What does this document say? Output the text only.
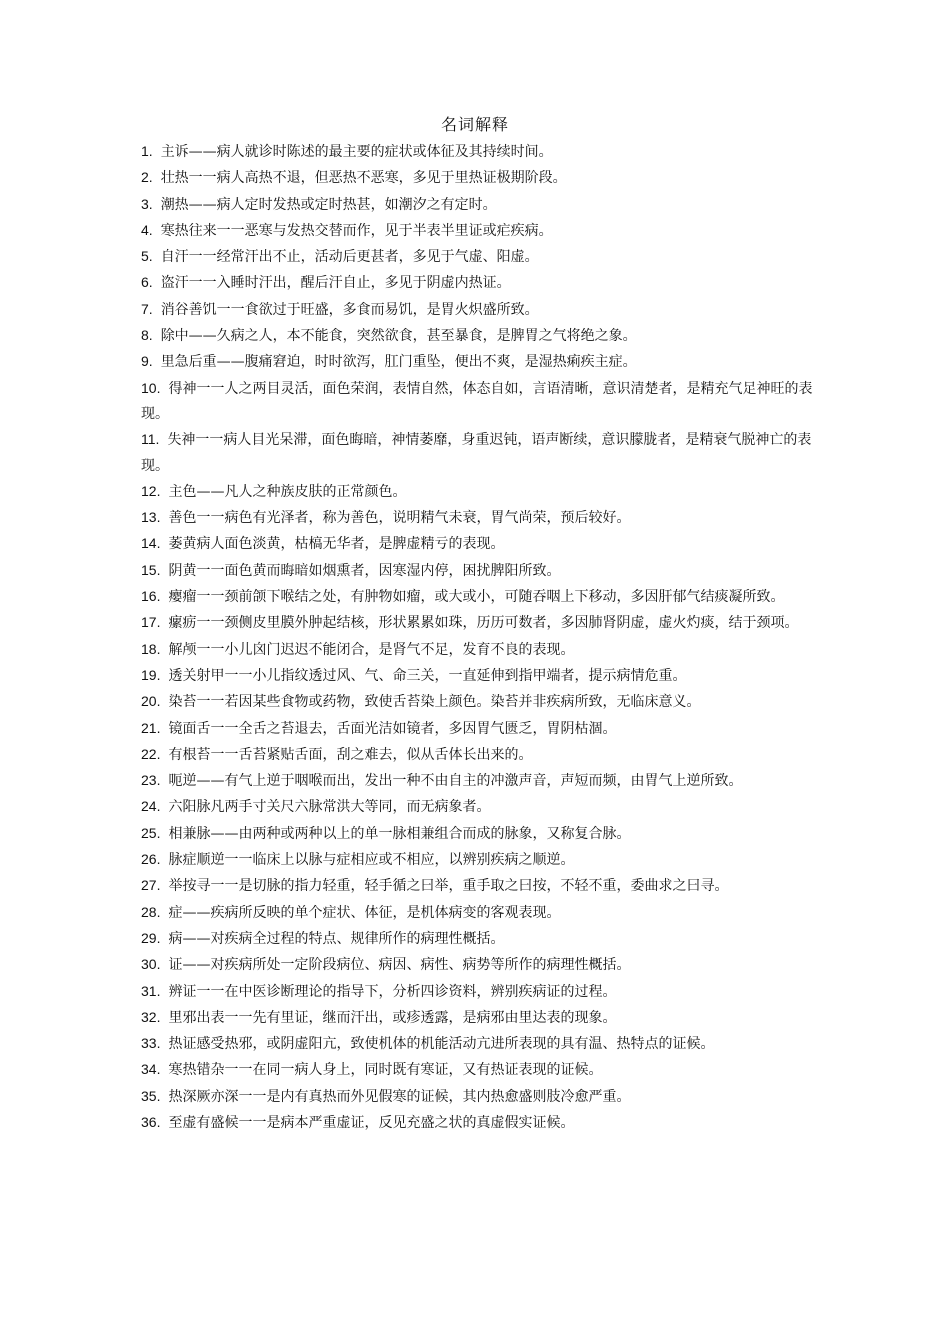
名词解释
1. 主诉——病人就诊时陈述的最主要的症状或体征及其持续时间。
2. 壮热一一病人高热不退，但恶热不恶寒，多见于里热证极期阶段。
3. 潮热——病人定时发热或定时热甚，如潮汐之有定时。
4. 寒热往来一一恶寒与发热交替而作，见于半表半里证或疟疾病。
5. 自汗一一经常汗出不止，活动后更甚者，多见于气虚、阳虚。
6. 盗汗一一入睡时汗出，醒后汗自止，多见于阴虚内热证。
7. 消谷善饥一一食欲过于旺盛，多食而易饥，是胃火炽盛所致。
8. 除中——久病之人，本不能食，突然欲食，甚至暴食，是脾胃之气将绝之象。
9. 里急后重——腹痛窘迫，时时欲泻，肛门重坠，便出不爽，是湿热痢疾主症。
10. 得神一一人之两目灵活，面色荣润，表情自然，体态自如，言语清晰，意识清楚者，是精充气足神旺的表现。
11. 失神一一病人目光呆滞，面色晦暗，神情萎靡，身重迟钝，语声断续，意识朦胧者，是精衰气脱神亡的表现。
12. 主色——凡人之种族皮肤的正常颜色。
13. 善色一一病色有光泽者，称为善色，说明精气未衰，胃气尚荣，预后较好。
14. 萎黄病人面色淡黄，枯槁无华者，是脾虚精亏的表现。
15. 阴黄一一面色黄而晦暗如烟熏者，因寒湿内停，困扰脾阳所致。
16. 瘿瘤一一颈前颌下喉结之处，有肿物如瘤，或大或小，可随吞咽上下移动，多因肝郁气结痰凝所致。
17. 瘰疬一一颈侧皮里膜外肿起结核，形状累累如珠，历历可数者，多因肺肾阴虚，虚火灼痰，结于颈项。
18. 解颅一一小儿囟门迟迟不能闭合，是肾气不足，发育不良的表现。
19. 透关射甲一一小儿指纹透过风、气、命三关，一直延伸到指甲端者，提示病情危重。
20. 染苔一一若因某些食物或药物，致使舌苔染上颜色。染苔并非疾病所致，无临床意义。
21. 镜面舌一一全舌之苔退去，舌面光洁如镜者，多因胃气匮乏，胃阴枯涸。
22. 有根苔一一舌苔紧贴舌面，刮之难去，似从舌体长出来的。
23. 呃逆——有气上逆于咽喉而出，发出一种不由自主的冲激声音，声短而频，由胃气上逆所致。
24. 六阳脉凡两手寸关尺六脉常洪大等同，而无病象者。
25. 相兼脉——由两种或两种以上的单一脉相兼组合而成的脉象，又称复合脉。
26. 脉症顺逆一一临床上以脉与症相应或不相应，以辨别疾病之顺逆。
27. 举按寻一一是切脉的指力轻重，轻手循之曰举，重手取之曰按，不轻不重，委曲求之曰寻。
28. 症——疾病所反映的单个症状、体征，是机体病变的客观表现。
29. 病——对疾病全过程的特点、规律所作的病理性概括。
30. 证——对疾病所处一定阶段病位、病因、病性、病势等所作的病理性概括。
31. 辨证一一在中医诊断理论的指导下，分析四诊资料，辨别疾病证的过程。
32. 里邪出表一一先有里证，继而汗出，或疹透露，是病邪由里达表的现象。
33. 热证感受热邪，或阴虚阳亢，致使机体的机能活动亢进所表现的具有温、热特点的证候。
34. 寒热错杂一一在同一病人身上，同时既有寒证，又有热证表现的证候。
35. 热深厥亦深一一是内有真热而外见假寒的证候，其内热愈盛则肢冷愈严重。
36. 至虚有盛候一一是病本严重虚证，反见充盛之状的真虚假实证候。
